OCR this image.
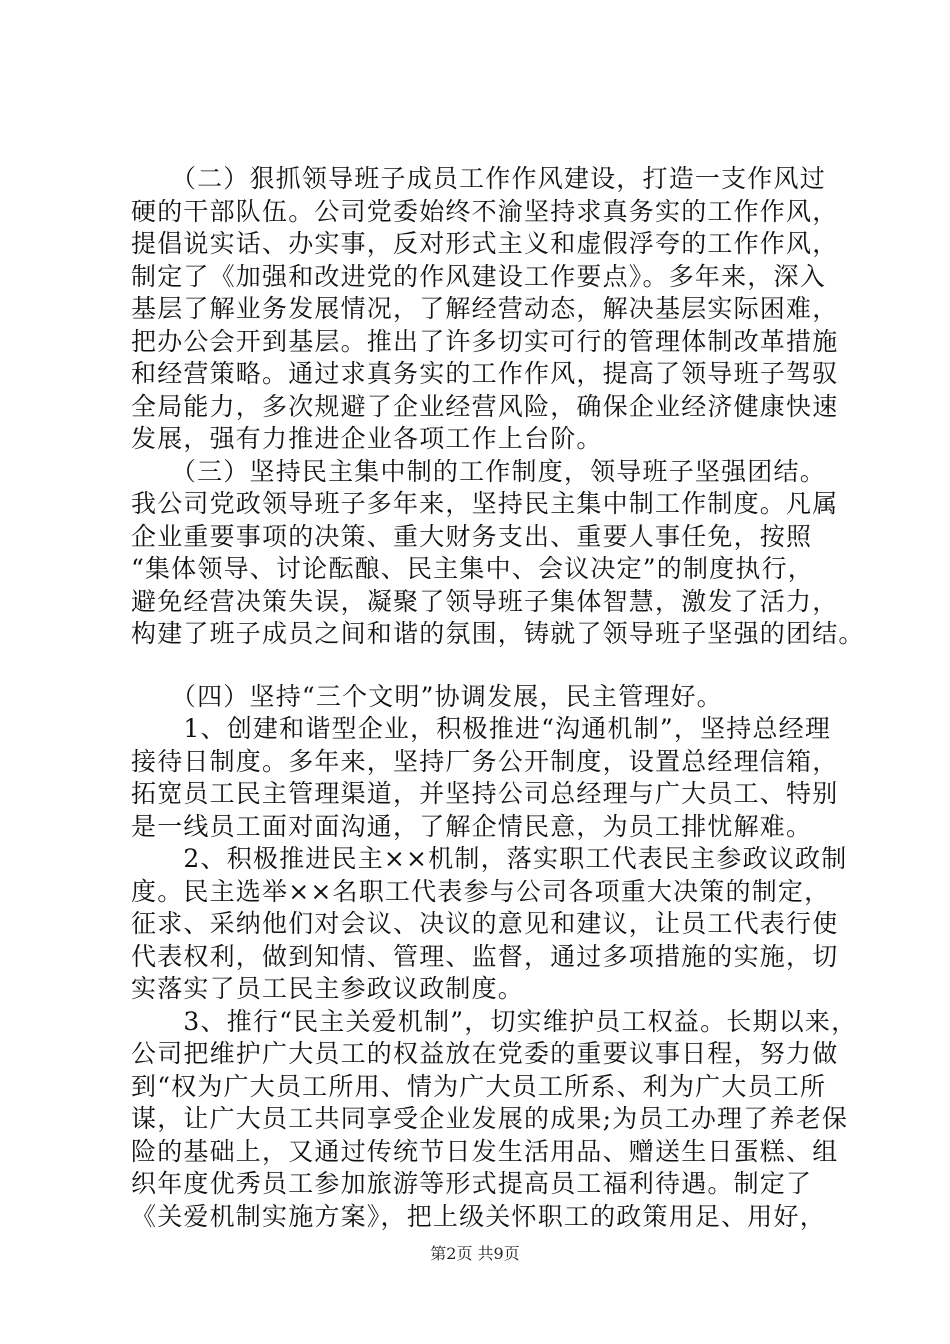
　　（二）狠抓领导班子成员工作作风建设，打造一支作风过
硬的干部队伍。公司党委始终不渝坚持求真务实的工作作风，
提倡说实话、办实事，反对形式主义和虚假浮夸的工作作风，
制定了《加强和改进党的作风建设工作要点》。多年来，深入
基层了解业务发展情况，了解经营动态，解决基层实际困难，
把办公会开到基层。推出了许多切实可行的管理体制改革措施
和经营策略。通过求真务实的工作作风，提高了领导班子驾驭
全局能力，多次规避了企业经营风险，确保企业经济健康快速
发展，强有力推进企业各项工作上台阶。
　　（三）坚持民主集中制的工作制度，领导班子坚强团结。
我公司党政领导班子多年来，坚持民主集中制工作制度。凡属
企业重要事项的决策、重大财务支出、重要人事任免，按照
“集体领导、讨论酝酿、民主集中、会议决定”的制度执行，
避免经营决策失误，凝聚了领导班子集体智慧，激发了活力，
构建了班子成员之间和谐的氛围，铸就了领导班子坚强的团结。
　　（四）坚持“三个文明”协调发展，民主管理好。
　　1、创建和谐型企业，积极推进“沟通机制”，坚持总经理
接待日制度。多年来，坚持厂务公开制度，设置总经理信箱，
拓宽员工民主管理渠道，并坚持公司总经理与广大员工、特别
是一线员工面对面沟通，了解企情民意，为员工排忧解难。
　　2、积极推进民主××机制，落实职工代表民主参政议政制
度。民主选举××名职工代表参与公司各项重大决策的制定，
征求、采纳他们对会议、决议的意见和建议，让员工代表行使
代表权利，做到知情、管理、监督，通过多项措施的实施，切
实落实了员工民主参政议政制度。
　　3、推行“民主关爱机制”，切实维护员工权益。长期以来，
公司把维护广大员工的权益放在党委的重要议事日程，努力做
到“权为广大员工所用、情为广大员工所系、利为广大员工所
谋，让广大员工共同享受企业发展的成果;为员工办理了养老保
险的基础上，又通过传统节日发生活用品、赠送生日蛋糕、组
织年度优秀员工参加旅游等形式提高员工福利待遇。制定了
《关爱机制实施方案》，把上级关怀职工的政策用足、用好，
第2页 共9页
